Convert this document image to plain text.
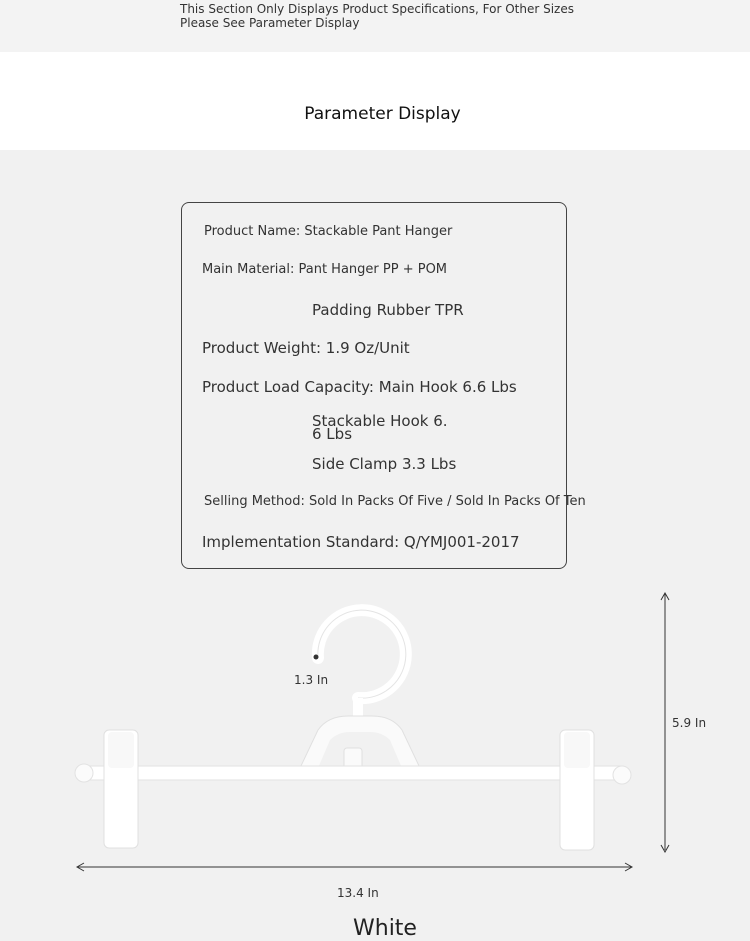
This Section Only Displays Product Specifications, For Other Sizes Please See Parameter Display
Parameter Display
Product Name: Stackable Pant Hanger
Main Material: Pant Hanger PP + POM
Padding Rubber TPR
Product Weight: 1.9 Oz/Unit
Product Load Capacity: Main Hook 6.6 Lbs
Stackable Hook 6.
6 Lbs
Side Clamp 3.3 Lbs
Selling Method: Sold In Packs Of Five / Sold In Packs Of Ten
Implementation Standard: Q/YMJ001-2017
1.3 In
5.9 In
13.4 In
White
